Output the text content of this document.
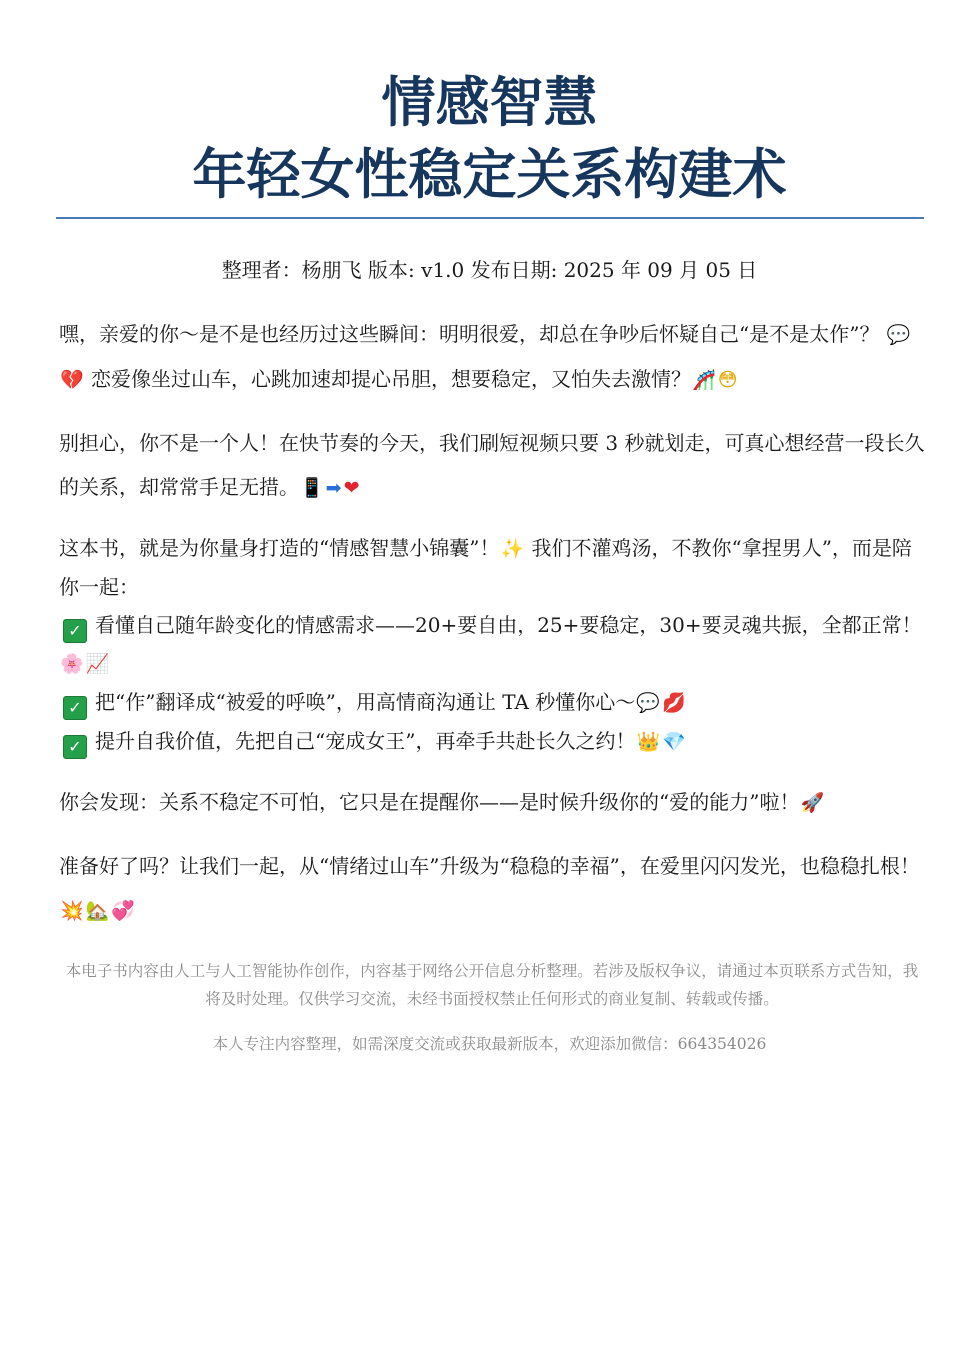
情感智慧
年轻女性稳定关系构建术
整理者：杨朋飞 版本: v1.0 发布日期: 2025 年 09 月 05 日

嘿，亲爱的你～是不是也经历过这些瞬间：明明很爱，却总在争吵后怀疑自己“是不是太作”？ 💬💔 恋爱像坐过山车，心跳加速却提心吊胆，想要稳定，又怕失去激情？🎢 😳

别担心，你不是一个人！在快节奏的今天，我们刷短视频只要 3 秒就划走，可真心想经营一段长久的关系，却常常手足无措。📱 ➡ ❤

这本书，就是为你量身打造的“情感智慧小锦囊”！✨ 我们不灌鸡汤，不教你“拿捏男人”，而是陪你一起：

✓ 看懂自己随年龄变化的情感需求——20+要自由，25+要稳定，30+要灵魂共振，全都正常！🌸 📈

✓ 把“作”翻译成“被爱的呼唤”，用高情商沟通让 TA 秒懂你心～💬 💋

✓ 提升自我价值，先把自己“宠成女王”，再牵手共赴长久之约！👑 💎

你会发现：关系不稳定不可怕，它只是在提醒你——是时候升级你的“爱的能力”啦！🚀

准备好了吗？让我们一起，从“情绪过山车”升级为“稳稳的幸福”，在爱里闪闪发光，也稳稳扎根！💥 🏡 💞

本电子书内容由人工与人工智能协作创作，内容基于网络公开信息分析整理。若涉及版权争议，请通过本页联系方式告知，我将及时处理。仅供学习交流，未经书面授权禁止任何形式的商业复制、转载或传播。

本人专注内容整理，如需深度交流或获取最新版本，欢迎添加微信：664354026
